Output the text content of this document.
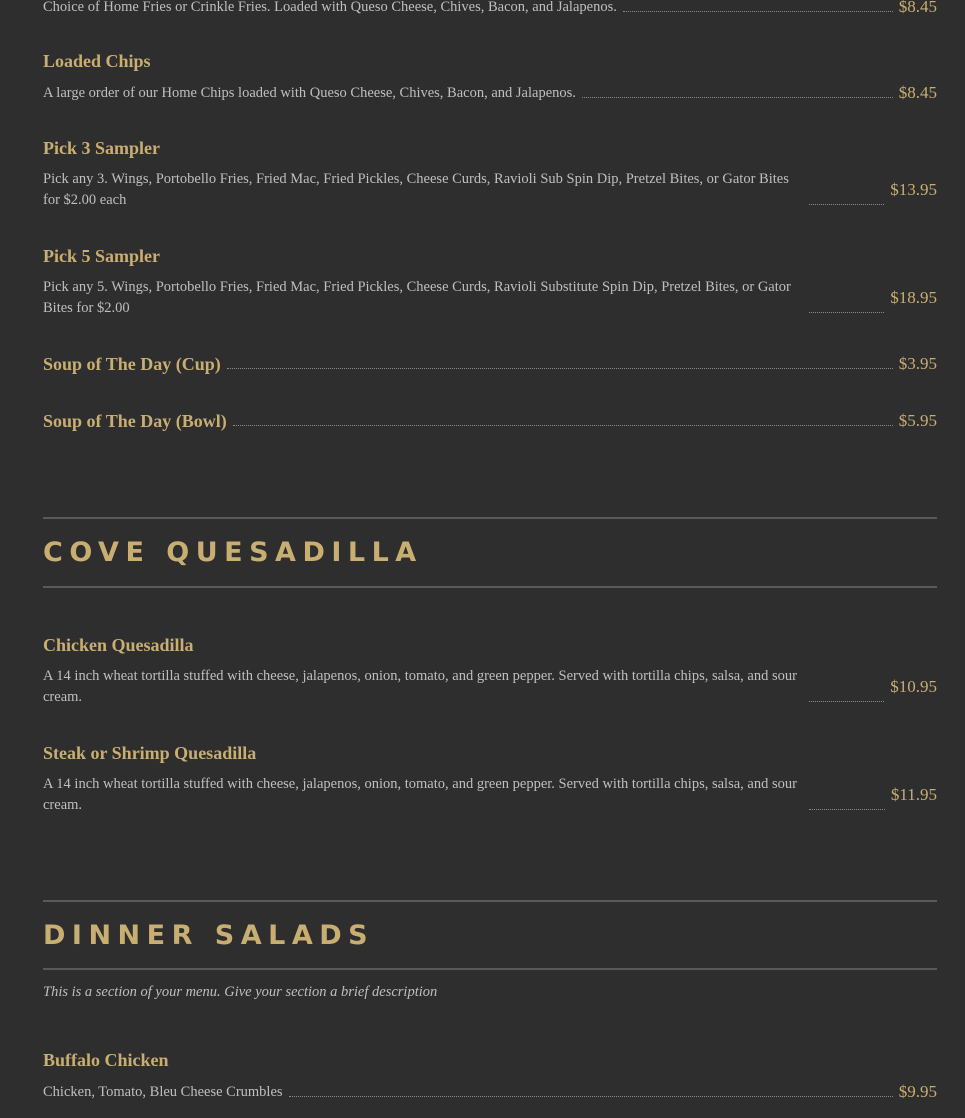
Choice of Home Fries or Crinkle Fries. Loaded with Queso Cheese, Chives, Bacon, and Jalapenos.	$8.45
Loaded Chips
A large order of our Home Chips loaded with Queso Cheese, Chives, Bacon, and Jalapenos.	$8.45
Pick 3 Sampler
Pick any 3. Wings, Portobello Fries, Fried Mac, Fried Pickles, Cheese Curds, Ravioli Sub Spin Dip, Pretzel Bites, or Gator Bites for $2.00 each
$13.95
Pick 5 Sampler
Pick any 5. Wings, Portobello Fries, Fried Mac, Fried Pickles, Cheese Curds, Ravioli Substitute Spin Dip, Pretzel Bites, or Gator Bites for $2.00
$18.95
Soup of The Day (Cup)	$3.95
Soup of The Day (Bowl)	$5.95
COVE QUESADILLA
Chicken Quesadilla
A 14 inch wheat tortilla stuffed with cheese, jalapenos, onion, tomato, and green pepper. Served with tortilla chips, salsa, and sour cream.
$10.95
Steak or Shrimp Quesadilla
A 14 inch wheat tortilla stuffed with cheese, jalapenos, onion, tomato, and green pepper. Served with tortilla chips, salsa, and sour cream.
$11.95
DINNER SALADS
This is a section of your menu. Give your section a brief description
Buffalo Chicken
Chicken, Tomato, Bleu Cheese Crumbles	$9.95
